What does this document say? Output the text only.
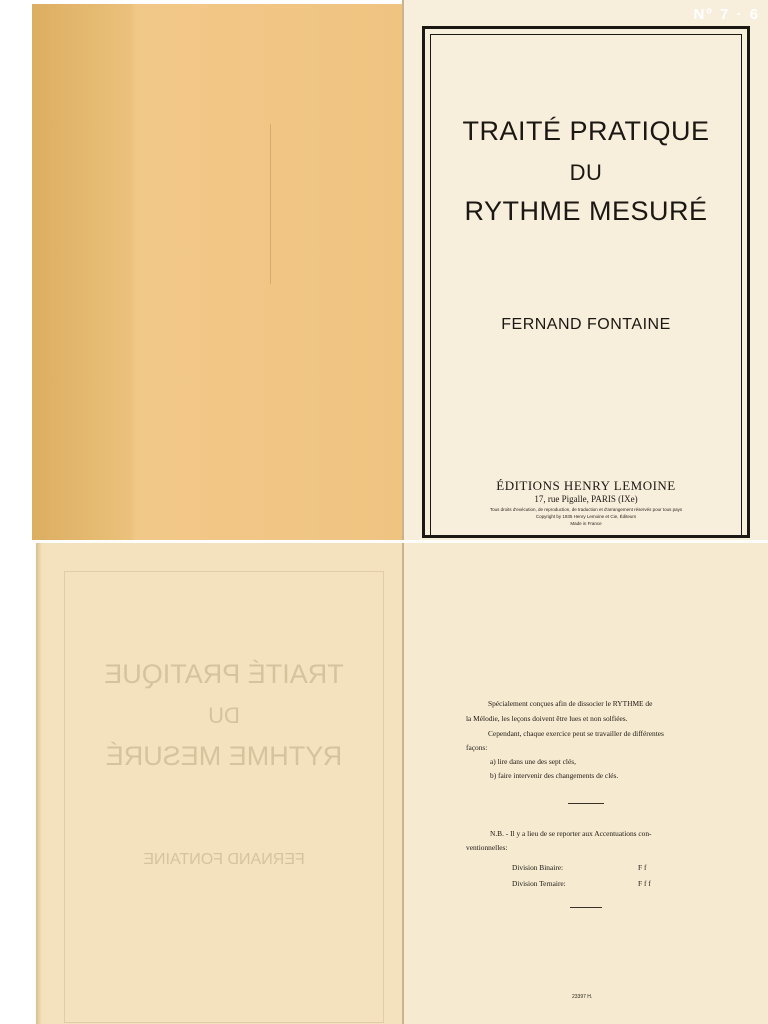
Nº 7 · 6
TRAITÉ PRATIQUE
DU
RYTHME MESURÉ
FERNAND FONTAINE
ÉDITIONS HENRY LEMOINE
17, rue Pigalle, PARIS (IXe)
Tous droits d'exécution, de reproduction, de traduction et d'arrangement réservés pour tous pays
Copyright by 1935 Henry Lemoine et Cie, Éditeurs
Made in France
TRAITÉ PRATIQUE
DU
RYTHME MESURÉ
FERNAND FONTAINE
Spécialement conçues afin de dissocier le RYTHME de
la Mélodie, les leçons doivent être lues et non solfiées.
Cependant, chaque exercice peut se travailler de différentes
façons:
a) lire dans une des sept clés,
b) faire intervenir des changements de clés.
N.B. - Il y a lieu de se reporter aux Accentuations con-
ventionnelles:
Division Binaire:	F f
Division Ternaire:	F f f
23397 H.
